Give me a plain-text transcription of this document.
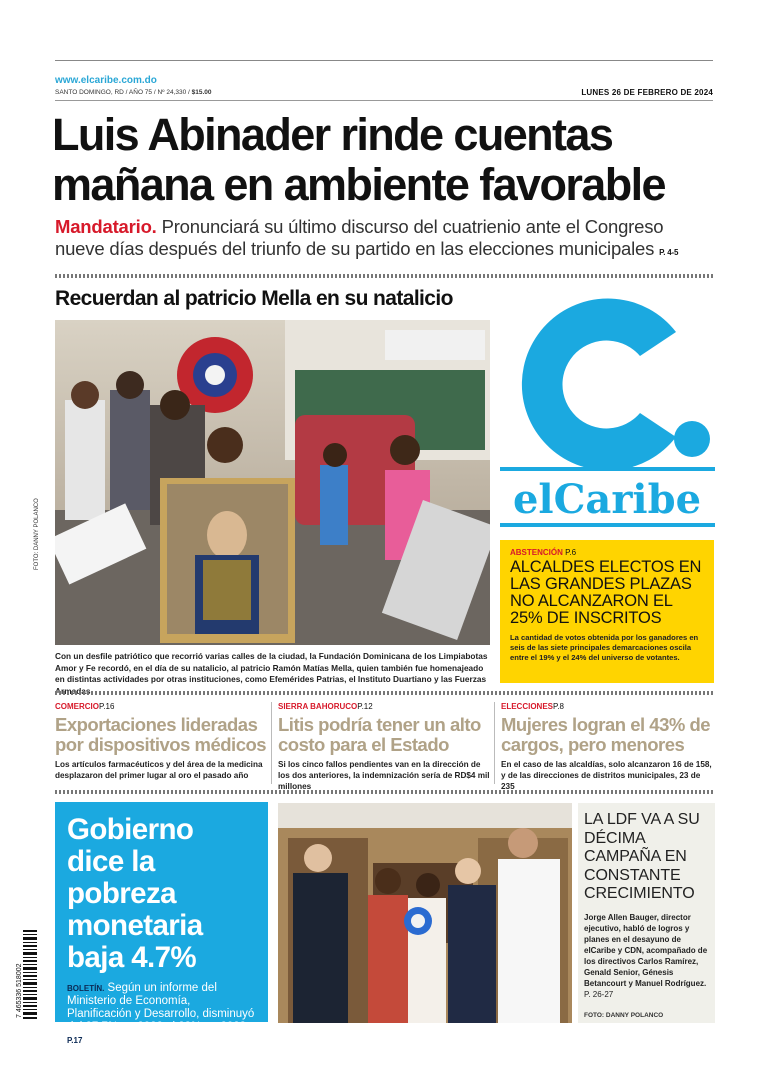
www.elcaribe.com.do
SANTO DOMINGO, RD / AÑO 75 / Nº 24,330 / $15.00	LUNES 26 DE FEBRERO DE 2024
Luis Abinader rinde cuentas
mañana en ambiente favorable

Mandatario. Pronunciará su último discurso del cuatrienio ante el Congreso nueve días después del triunfo de su partido en las elecciones municipales P. 4-5

Recuerdan al patricio Mella en su natalicio
FOTO: DANNY POLANCO

Con un desfile patriótico que recorrió varias calles de la ciudad, la Fundación Dominicana de los Limpiabotas Amor y Fe recordó, en el día de su natalicio, al patricio Ramón Matías Mella, quien también fue homenajeado en distintas actividades por otras instituciones, como Efemérides Patrias, el Instituto Duartiano y las Fuerzas Armadas.

elCaribe
ABSTENCIÓN P.6
ALCALDES ELECTOS EN LAS GRANDES PLAZAS NO ALCANZARON EL 25% DE INSCRITOS
La cantidad de votos obtenida por los ganadores en seis de las siete principales demarcaciones oscila entre el 19% y el 24% del universo de votantes.
COMERCIOP.16
Exportaciones lideradas por dispositivos médicos
Los artículos farmacéuticos y del área de la medicina desplazaron del primer lugar al oro el pasado año
SIERRA BAHORUCOP.12
Litis podría tener un alto costo para el Estado
Si los cinco fallos pendientes van en la dirección de los dos anteriores, la indemnización sería de RD$4 mil millones
ELECCIONESP.8
Mujeres logran el 43% de cargos, pero menores
En el caso de las alcaldías, solo alcanzaron 16 de 158, y de las direcciones de distritos municipales, 23 de 235
7 465336 518002
Gobierno dice la pobreza monetaria baja 4.7%
BOLETÍN. Según un informe del Ministerio de Economía, Planificación y Desarrollo, disminuyó del 27.7% en 2022 al 23% en 2023. P.17
LA LDF VA A SU DÉCIMA CAMPAÑA EN CONSTANTE CRECIMIENTO
Jorge Allen Bauger, director ejecutivo, habló de logros y planes en el desayuno de elCaribe y CDN, acompañado de los directivos Carlos Ramírez, Genald Senior, Génesis Betancourt y Manuel Rodríguez. P. 26-27
FOTO: DANNY POLANCO
